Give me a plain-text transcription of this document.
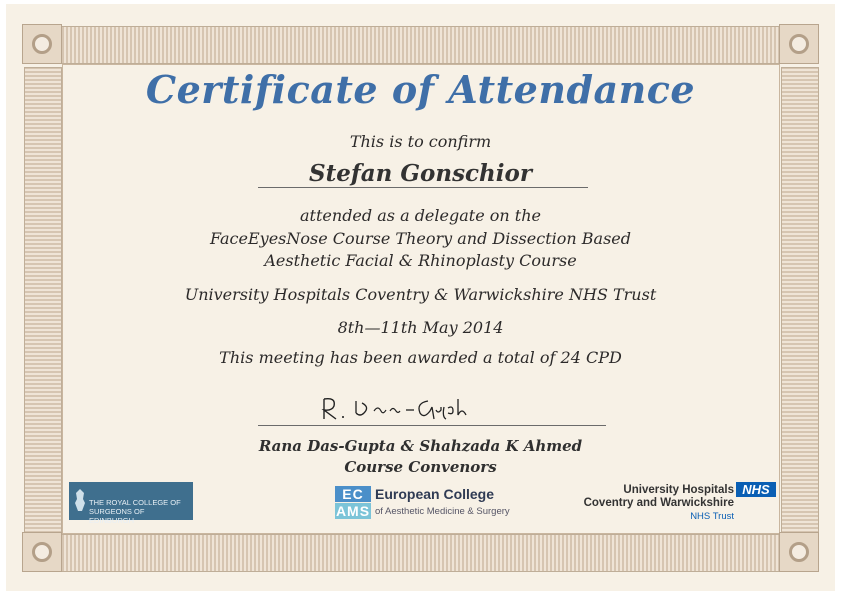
Certificate of Attendance
This is to confirm
Stefan Gonschior
attended as a delegate on the
FaceEyesNose Course Theory and Dissection Based
Aesthetic Facial & Rhinoplasty Course
University Hospitals Coventry & Warwickshire NHS Trust
8th—11th May 2014
This meeting has been awarded a total of 24 CPD
Rana Das-Gupta & Shahzada K Ahmed
Course Convenors
THE ROYAL COLLEGE OF SURGEONS OF EDINBURGH
EC
AMS
European College
of Aesthetic Medicine & Surgery
University Hospitals NHS
Coventry and Warwickshire
NHS Trust
